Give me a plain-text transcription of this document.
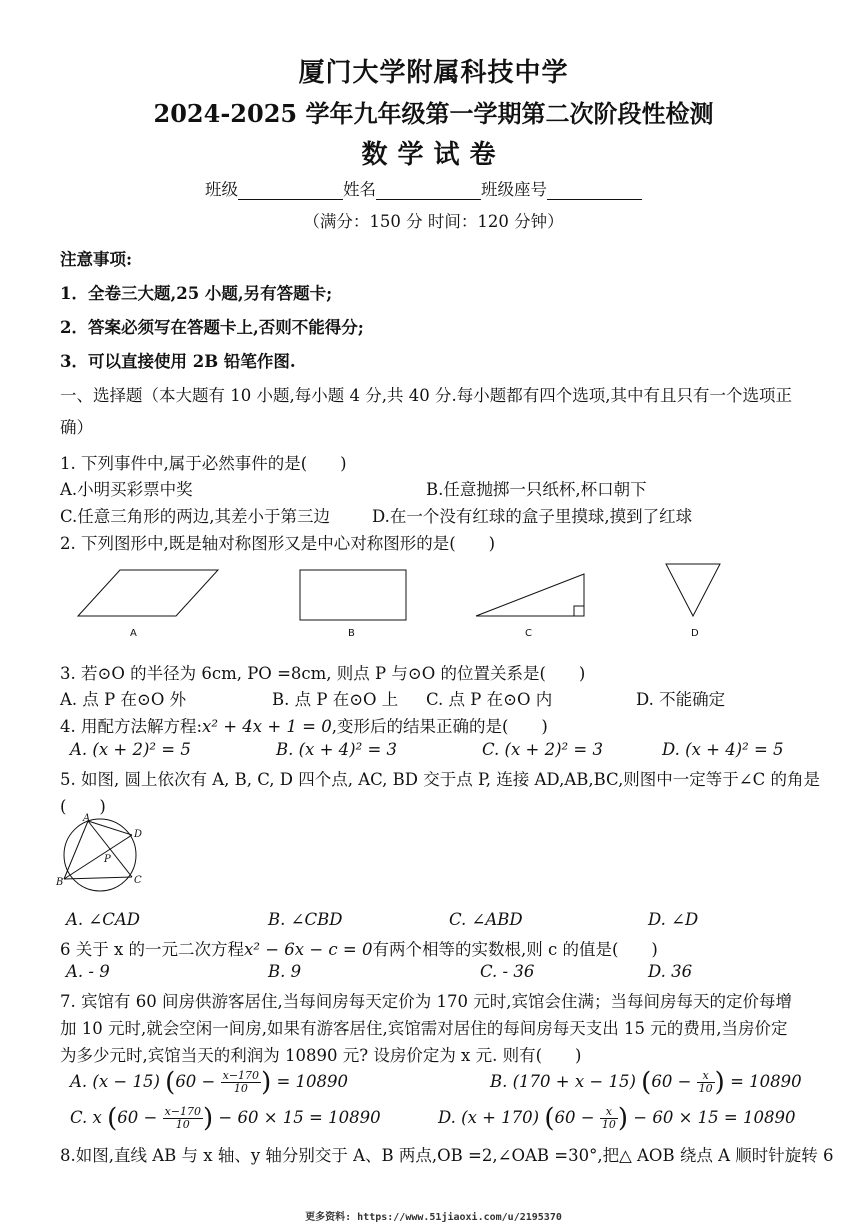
厦门大学附属科技中学
2024-2025 学年九年级第一学期第二次阶段性检测
数学试卷
班级	姓名	班级座号
（满分：150 分 时间：120 分钟）
注意事项:
1．全卷三大题,25 小题,另有答题卡;
2．答案必须写在答题卡上,否则不能得分;
3．可以直接使用 2B 铅笔作图.
一、选择题（本大题有 10 小题,每小题 4 分,共 40 分.每小题都有四个选项,其中有且只有一个选项正
确）
1. 下列事件中,属于必然事件的是(　　)
A.小明买彩票中奖	B.任意抛掷一只纸杯,杯口朝下
C.任意三角形的两边,其差小于第三边	D.在一个没有红球的盒子里摸球,摸到了红球
2. 下列图形中,既是轴对称图形又是中心对称图形的是(　　)
A	B	C	D
3. 若⊙O 的半径为 6cm, PO =8cm, 则点 P 与⊙O 的位置关系是(　　)
A. 点 P 在⊙O 外	B. 点 P 在⊙O 上 C. 点 P 在⊙O 内	D. 不能确定
4. 用配方法解方程:x² + 4x + 1 = 0,变形后的结果正确的是(　　)
A. (x + 2)² = 5	B. (x + 4)² = 3	C. (x + 2)² = 3	D. (x + 4)² = 5
5. 如图, 圆上依次有 A, B, C, D 四个点, AC, BD 交于点 P, 连接 AD,AB,BC,则图中一定等于∠C 的角是
(　　)
A
D
P
B	C
A. ∠CAD	B. ∠CBD	C. ∠ABD	D. ∠D
6 关于 x 的一元二次方程x² − 6x − c = 0有两个相等的实数根,则 c 的值是(　　)
A. - 9	B. 9	C. - 36	D. 36
7. 宾馆有 60 间房供游客居住,当每间房每天定价为 170 元时,宾馆会住满；当每间房每天的定价每增
加 10 元时,就会空闲一间房,如果有游客居住,宾馆需对居住的每间房每天支出 15 元的费用,当房价定
为多少元时,宾馆当天的利润为 10890 元? 设房价定为 x 元. 则有(　　)
A. (x − 15) ($60 - \frac{x-170}{10}$ ) = 10890	B. (170 + x − 15) ($60 - \frac{x}{10}$ ) = 10890
C. x ($60 - \frac{x-170}{10}$ ) − 60 × 15 = 10890	D. (x + 170) ($60 - \frac{x}{10}$ ) − 60 × 15 = 10890
8.如图,直线 AB 与 x 轴、y 轴分别交于 A、B 两点,OB =2,∠OAB =30°,把△ AOB 绕点 A 顺时针旋转 6
更多资料: https://www.51jiaoxi.com/u/2195370
